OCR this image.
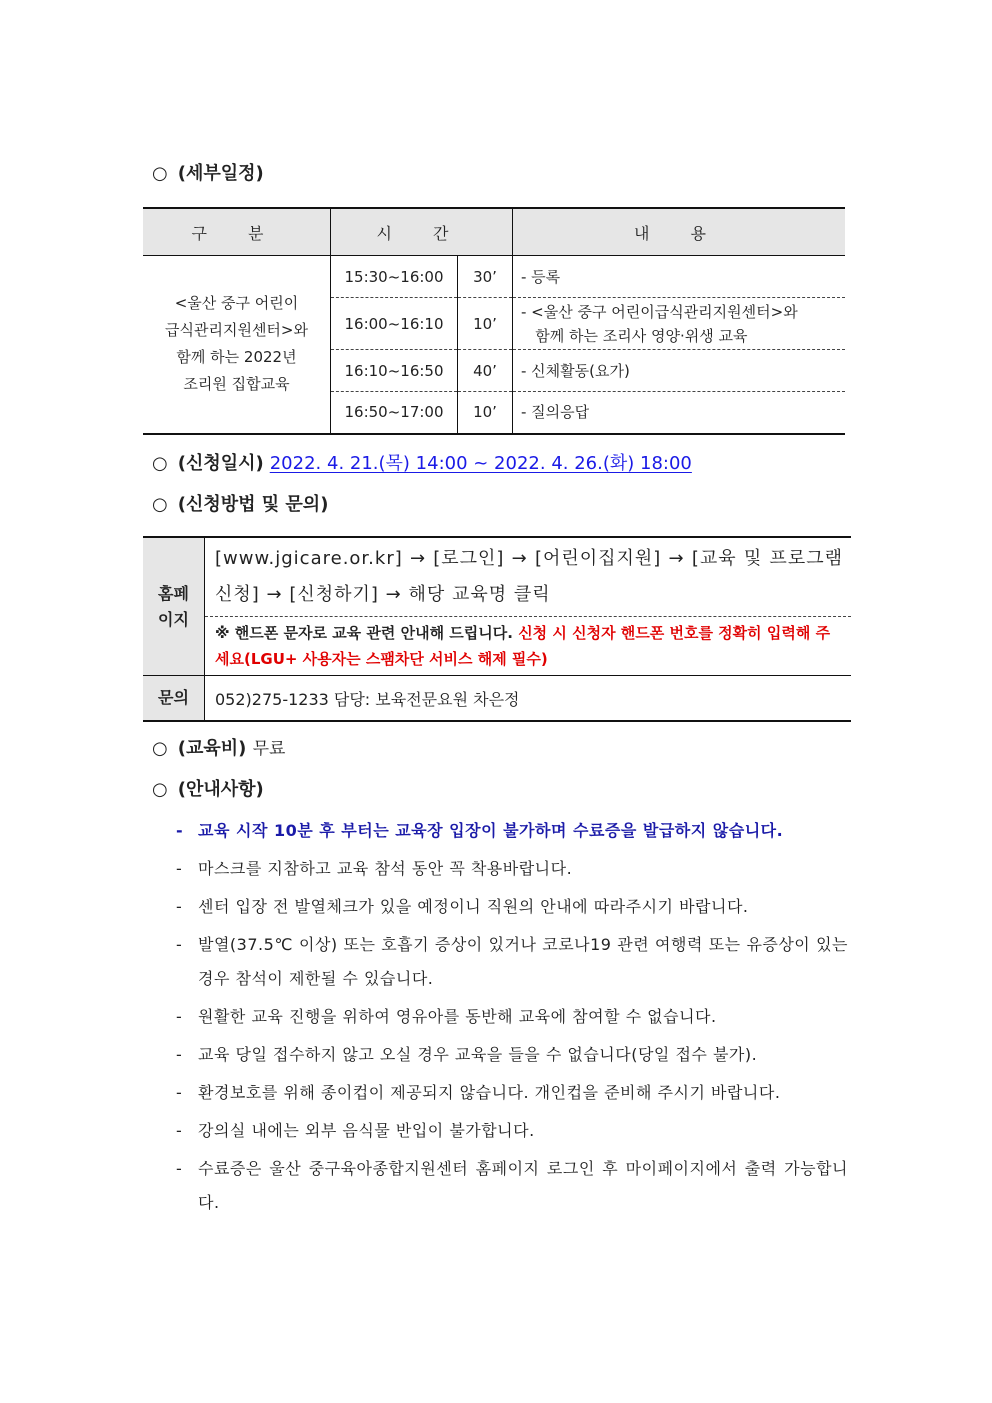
○ (세부일정)
구 분	시 간		내 용
<울산 중구 어린이
급식관리지원센터>와
함께 하는 2022년
조리원 집합교육	15:30~16:00	30’	- 등록
	16:00~16:10	10’	- <울산 중구 어린이급식관리지원센터>와
함께 하는 조리사 영양·위생 교육
	16:10~16:50	40’	- 신체활동(요가)
	16:50~17:00	10’	- 질의응답
○ (신청일시) 2022. 4. 21.(목) 14:00 ~ 2022. 4. 26.(화) 18:00
○ (신청방법 및 문의)
홈페
이지	[www.jgicare.or.kr] → [로그인] → [어린이집지원] → [교육 및 프로그램 신청] → [신청하기] → 해당 교육명 클릭
	※ 핸드폰 문자로 교육 관련 안내해 드립니다. 신청 시 신청자 핸드폰 번호를 정확히 입력해 주세요(LGU+ 사용자는 스팸차단 서비스 해제 필수)
문의	052)275-1233 담당: 보육전문요원 차은정
○ (교육비) 무료
○ (안내사항)
- 교육 시작 10분 후 부터는 교육장 입장이 불가하며 수료증을 발급하지 않습니다.
- 마스크를 지참하고 교육 참석 동안 꼭 착용바랍니다.
- 센터 입장 전 발열체크가 있을 예정이니 직원의 안내에 따라주시기 바랍니다.
- 발열(37.5℃ 이상) 또는 호흡기 증상이 있거나 코로나19 관련 여행력 또는 유증상이 있는 경우 참석이 제한될 수 있습니다.
- 원활한 교육 진행을 위하여 영유아를 동반해 교육에 참여할 수 없습니다.
- 교육 당일 접수하지 않고 오실 경우 교육을 들을 수 없습니다(당일 접수 불가).
- 환경보호를 위해 종이컵이 제공되지 않습니다. 개인컵을 준비해 주시기 바랍니다.
- 강의실 내에는 외부 음식물 반입이 불가합니다.
- 수료증은 울산 중구육아종합지원센터 홈페이지 로그인 후 마이페이지에서 출력 가능합니다.
